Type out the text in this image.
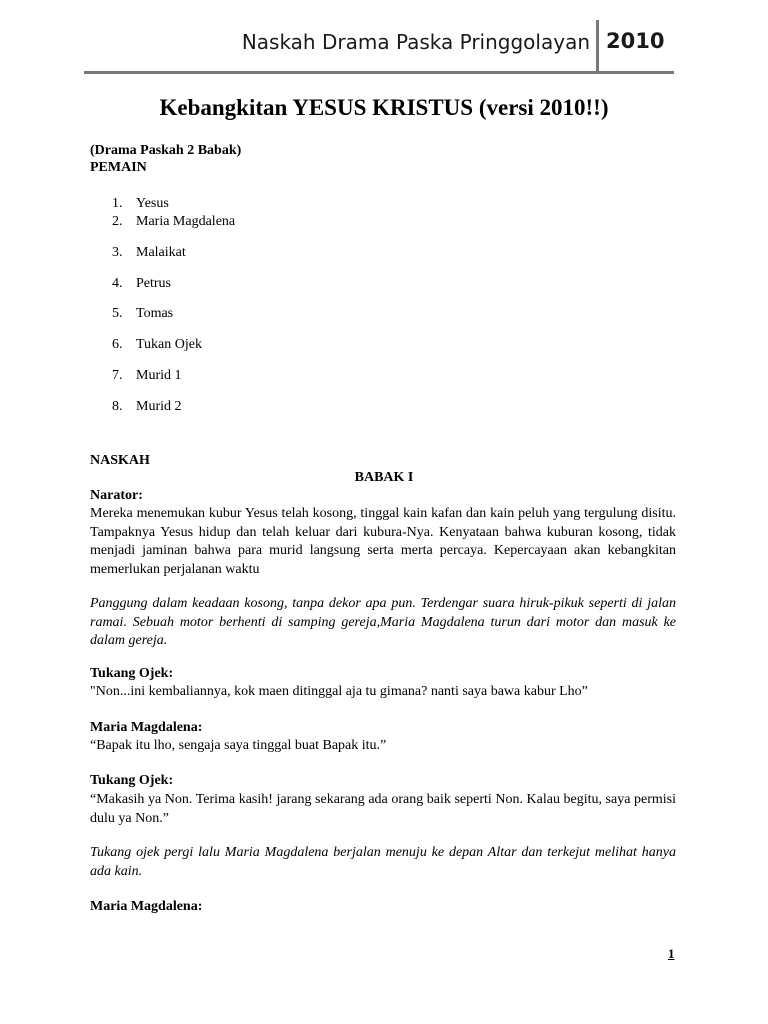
Naskah Drama Paska Pringgolayan 2010
Kebangkitan YESUS KRISTUS (versi 2010!!)
(Drama Paskah 2 Babak)
PEMAIN
1. Yesus
2. Maria Magdalena
3. Malaikat
4. Petrus
5. Tomas
6. Tukan Ojek
7. Murid 1
8. Murid 2
NASKAH
BABAK I
Narator:
Mereka menemukan kubur Yesus telah kosong, tinggal kain kafan dan kain peluh yang tergulung disitu. Tampaknya Yesus hidup dan telah keluar dari kubura-Nya. Kenyataan bahwa kuburan kosong, tidak menjadi jaminan bahwa para murid langsung serta merta percaya. Kepercayaan akan kebangkitan memerlukan perjalanan waktu
Panggung dalam keadaan kosong, tanpa dekor apa pun. Terdengar suara hiruk-pikuk seperti di jalan ramai. Sebuah motor berhenti di samping gereja,Maria Magdalena turun dari motor dan masuk ke dalam gereja.
Tukang Ojek:
"Non...ini kembaliannya, kok maen ditinggal aja tu gimana? nanti saya bawa kabur Lho”
Maria Magdalena:
“Bapak itu lho, sengaja saya tinggal buat Bapak itu.”
Tukang Ojek:
“Makasih ya Non. Terima kasih! jarang sekarang ada orang baik seperti Non. Kalau begitu, saya permisi dulu ya Non.”
Tukang ojek pergi lalu Maria Magdalena berjalan menuju ke depan Altar dan terkejut melihat hanya ada kain.
Maria Magdalena:
1
